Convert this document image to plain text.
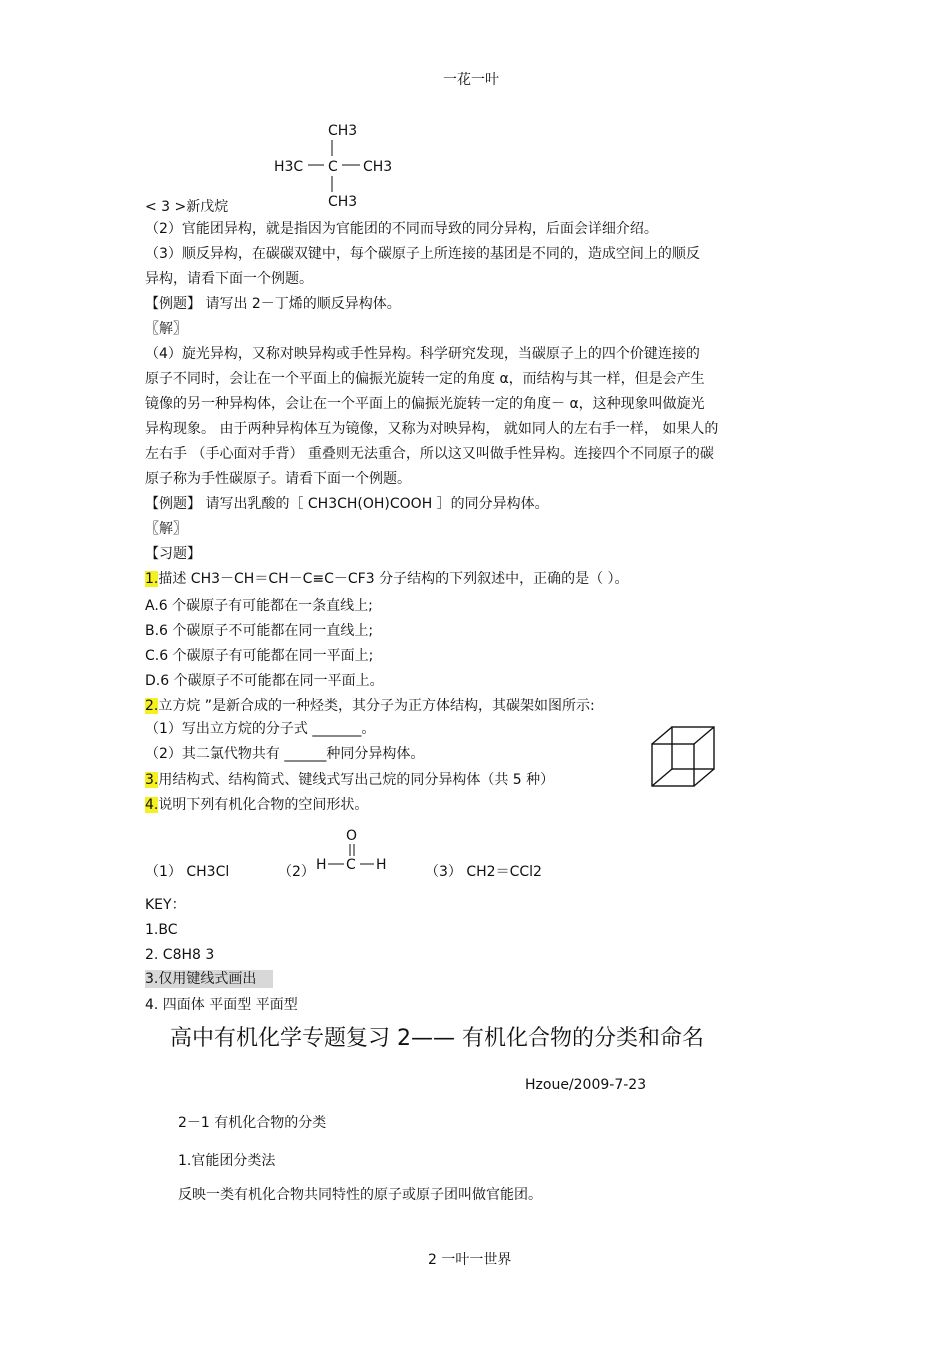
一花一叶
CH3
H3C C CH3
CH3
< 3 >新戊烷
（2）官能团异构，就是指因为官能团的不同而导致的同分异构，后面会详细介绍。
（3）顺反异构，在碳碳双键中，每个碳原子上所连接的基团是不同的，造成空间上的顺反
异构，请看下面一个例题。
【例题】 请写出 2－丁烯的顺反异构体。
〖解〗
（4）旋光异构，又称对映异构或手性异构。科学研究发现，当碳原子上的四个价键连接的
原子不同时，会让在一个平面上的偏振光旋转一定的角度 α，而结构与其一样，但是会产生
镜像的另一种异构体，会让在一个平面上的偏振光旋转一定的角度－ α，这种现象叫做旋光
异构现象。 由于两种异构体互为镜像，又称为对映异构， 就如同人的左右手一样， 如果人的
左右手 （手心面对手背） 重叠则无法重合，所以这又叫做手性异构。连接四个不同原子的碳
原子称为手性碳原子。请看下面一个例题。
【例题】 请写出乳酸的［ CH3CH(OH)COOH ］的同分异构体。
〖解〗
【习题】
1.描述 CH3－CH＝CH－C≡C－CF3 分子结构的下列叙述中，正确的是（ ）。
A.6 个碳原子有可能都在一条直线上;
B.6 个碳原子不可能都在同一直线上;
C.6 个碳原子有可能都在同一平面上;
D.6 个碳原子不可能都在同一平面上。
2.立方烷 ”是新合成的一种烃类，其分子为正方体结构，其碳架如图所示:
（1）写出立方烷的分子式 _______。
（2）其二氯代物共有 ______种同分异构体。
3.用结构式、结构简式、键线式写出己烷的同分异构体（共 5 种）
4.说明下列有机化合物的空间形状。
（1） CH3Cl	（2）
O
H C H	（3） CH2＝CCl2
KEY：
1.BC
2. C8H8 3
3.仅用键线式画出
4. 四面体 平面型 平面型
高中有机化学专题复习 2—— 有机化合物的分类和命名
Hzoue/2009-7-23
2－1 有机化合物的分类
1.官能团分类法
反映一类有机化合物共同特性的原子或原子团叫做官能团。
2 一叶一世界
